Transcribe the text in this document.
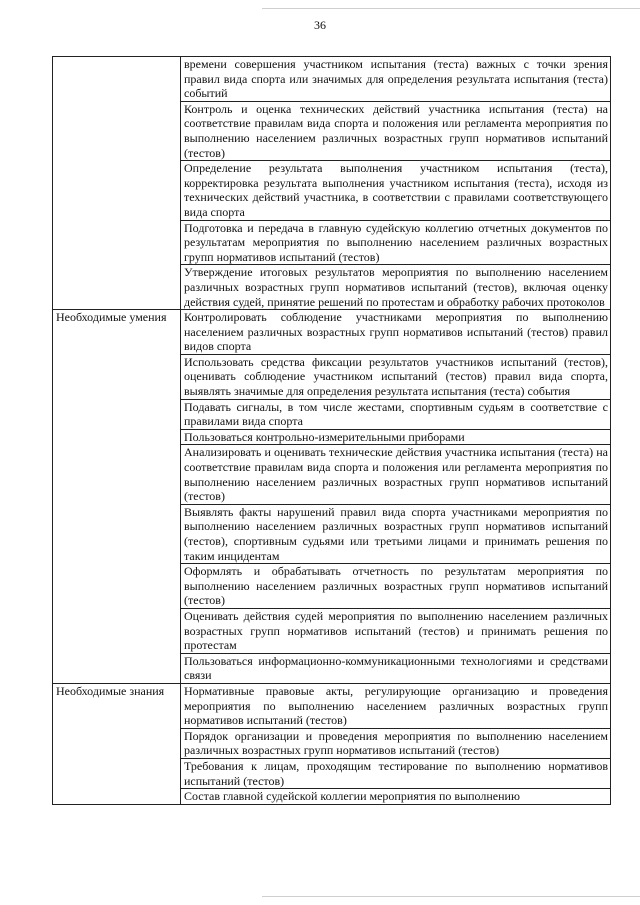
36
	времени совершения участником испытания (теста) важных с точки зрения правил вида спорта или значимых для определения результата испытания (теста) событий
	Контроль и оценка технических действий участника испытания (теста) на соответствие правилам вида спорта и положения или регламента мероприятия по выполнению населением различных возрастных групп нормативов испытаний (тестов)
	Определение результата выполнения участником испытания (теста), корректировка результата выполнения участником испытания (теста), исходя из технических действий участника, в соответствии с правилами соответствующего вида спорта
	Подготовка и передача в главную судейскую коллегию отчетных документов по результатам мероприятия по выполнению населением различных возрастных групп нормативов испытаний (тестов)
	Утверждение итоговых результатов мероприятия по выполнению населением различных возрастных групп нормативов испытаний (тестов), включая оценку действия судей, принятие решений по протестам и обработку рабочих протоколов
Необходимые умения	Контролировать соблюдение участниками мероприятия по выполнению населением различных возрастных групп нормативов испытаний (тестов) правил видов спорта
	Использовать средства фиксации результатов участников испытаний (тестов), оценивать соблюдение участником испытаний (тестов) правил вида спорта, выявлять значимые для определения результата испытания (теста) события
	Подавать сигналы, в том числе жестами, спортивным судьям в соответствие с правилами вида спорта
	Пользоваться контрольно-измерительными приборами
	Анализировать и оценивать технические действия участника испытания (теста) на соответствие правилам вида спорта и положения или регламента мероприятия по выполнению населением различных возрастных групп нормативов испытаний (тестов)
	Выявлять факты нарушений правил вида спорта участниками мероприятия по выполнению населением различных возрастных групп нормативов испытаний (тестов), спортивным судьями или третьими лицами и принимать решения по таким инцидентам
	Оформлять и обрабатывать отчетность по результатам мероприятия по выполнению населением различных возрастных групп нормативов испытаний (тестов)
	Оценивать действия судей мероприятия по выполнению населением различных возрастных групп нормативов испытаний (тестов) и принимать решения по протестам
	Пользоваться информационно-коммуникационными технологиями и средствами связи
Необходимые знания	Нормативные правовые акты, регулирующие организацию и проведения мероприятия по выполнению населением различных возрастных групп нормативов испытаний (тестов)
	Порядок организации и проведения мероприятия по выполнению населением различных возрастных групп нормативов испытаний (тестов)
	Требования к лицам, проходящим тестирование по выполнению нормативов испытаний (тестов)
	Состав главной судейской коллегии мероприятия по выполнению
